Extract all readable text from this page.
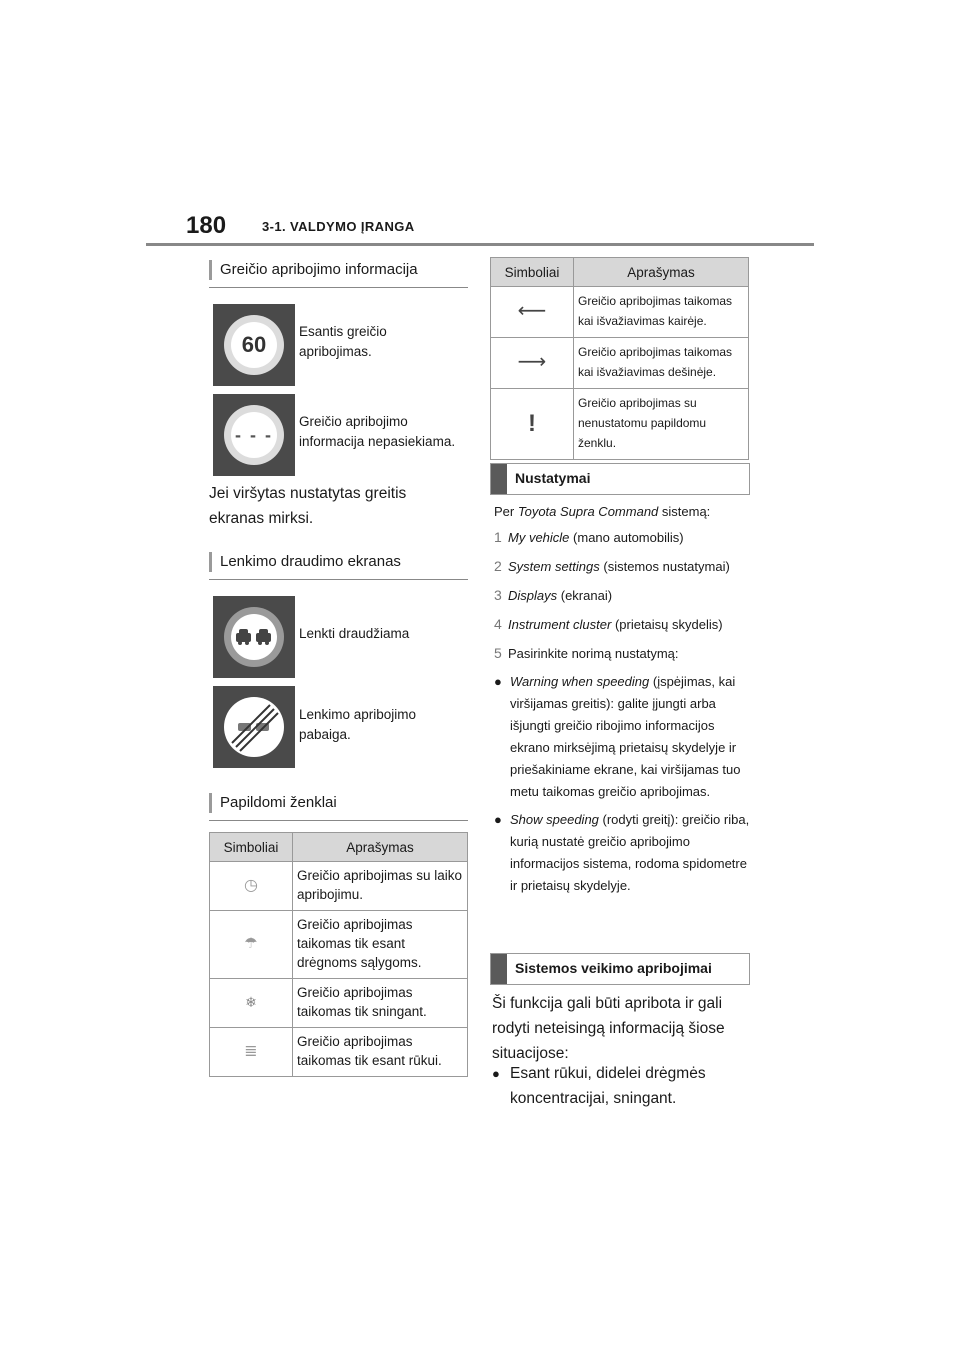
180	3-1. VALDYMO ĮRANGA
Greičio apribojimo informacija
60
Esantis greičio apribojimas.
- - -
Greičio apribojimo informacija nepasiekiama.
Jei viršytas nustatytas greitis ekranas mirksi.
Lenkimo draudimo ekranas
Lenkti draudžiama
Lenkimo apribojimo pabaiga.
Papildomi ženklai
Simboliai	Aprašymas
◷	Greičio apribojimas su laiko apribojimu.
☂	Greičio apribojimas taikomas tik esant drėgnoms sąlygoms.
❄	Greičio apribojimas taikomas tik sningant.
≣	Greičio apribojimas taikomas tik esant rūkui.
Simboliai	Aprašymas
⟵	Greičio apribojimas taikomas kai išvažiavimas kairėje.
⟶	Greičio apribojimas taikomas kai išvažiavimas dešinėje.
!	Greičio apribojimas su nenustatomu papildomu ženklu.
Nustatymai
Per Toyota Supra Command sistemą:
1 My vehicle (mano automobilis)
2 System settings (sistemos nustatymai)
3 Displays (ekranai)
4 Instrument cluster (prietaisų skydelis)
5 Pasirinkite norimą nustatymą:
● Warning when speeding (įspėjimas, kai viršijamas greitis): galite įjungti arba išjungti greičio ribojimo informacijos ekrano mirksėjimą prietaisų skydelyje ir priešakiniame ekrane, kai viršijamas tuo metu taikomas greičio apribojimas.
● Show speeding (rodyti greitį): greičio riba, kurią nustatė greičio apribojimo informacijos sistema, rodoma spidometre ir prietaisų skydelyje.
Sistemos veikimo apribojimai
Ši funkcija gali būti apribota ir gali rodyti neteisingą informaciją šiose situacijose:
● Esant rūkui, didelei drėgmės koncentracijai, sningant.
